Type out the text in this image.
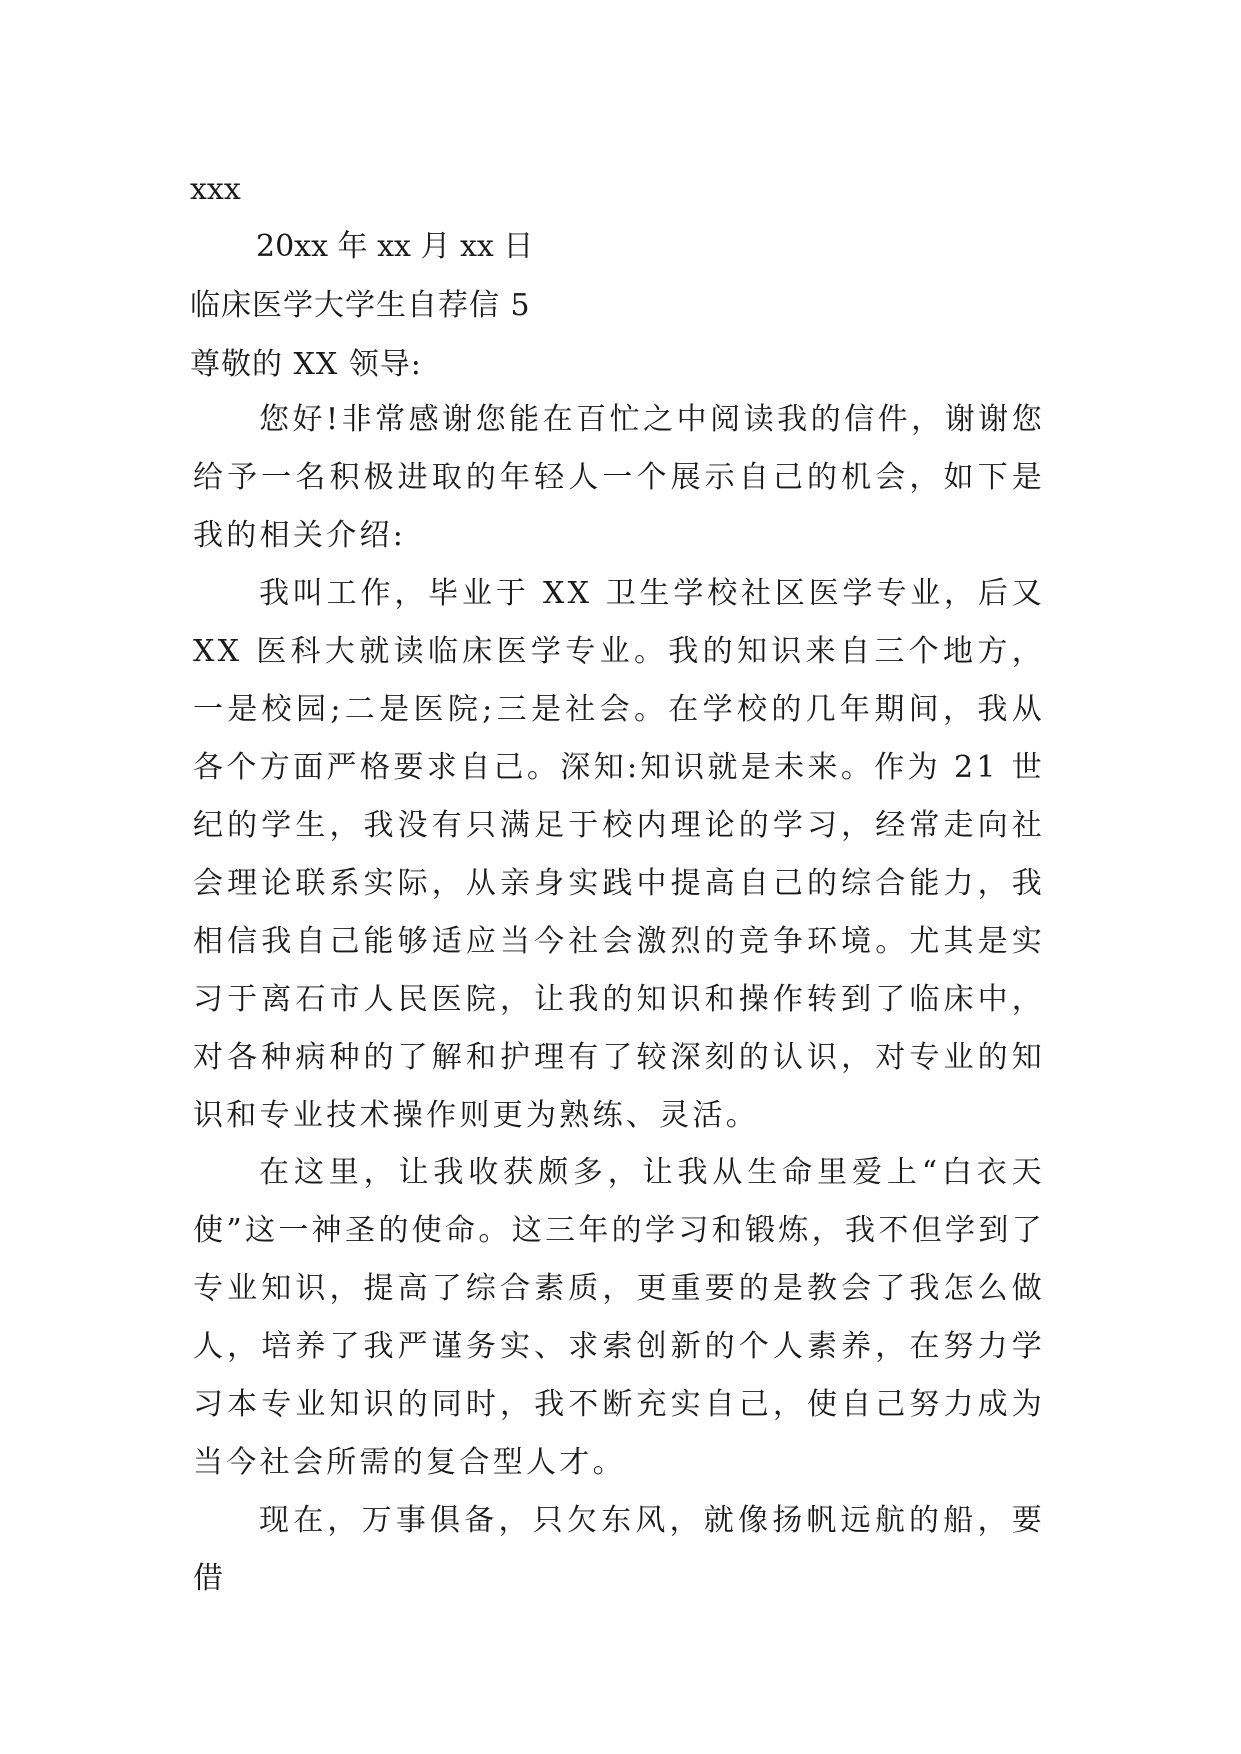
xxx
20xx 年 xx 月 xx 日
临床医学大学生自荐信 5
尊敬的 XX 领导:

您好!非常感谢您能在百忙之中阅读我的信件，谢谢您给予一名积极进取的年轻人一个展示自己的机会，如下是我的相关介绍:

我叫工作，毕业于 XX 卫生学校社区医学专业，后又 XX 医科大就读临床医学专业。我的知识来自三个地方，一是校园;二是医院;三是社会。在学校的几年期间，我从各个方面严格要求自己。深知:知识就是未来。作为 21 世纪的学生，我没有只满足于校内理论的学习，经常走向社会理论联系实际，从亲身实践中提高自己的综合能力，我相信我自己能够适应当今社会激烈的竞争环境。尤其是实习于离石市人民医院，让我的知识和操作转到了临床中，对各种病种的了解和护理有了较深刻的认识，对专业的知识和专业技术操作则更为熟练、灵活。

在这里，让我收获颇多，让我从生命里爱上“白衣天使”这一神圣的使命。这三年的学习和锻炼，我不但学到了专业知识，提高了综合素质，更重要的是教会了我怎么做人，培养了我严谨务实、求索创新的个人素养，在努力学习本专业知识的同时，我不断充实自己，使自己努力成为当今社会所需的复合型人才。

现在，万事俱备，只欠东风，就像扬帆远航的船，要借
